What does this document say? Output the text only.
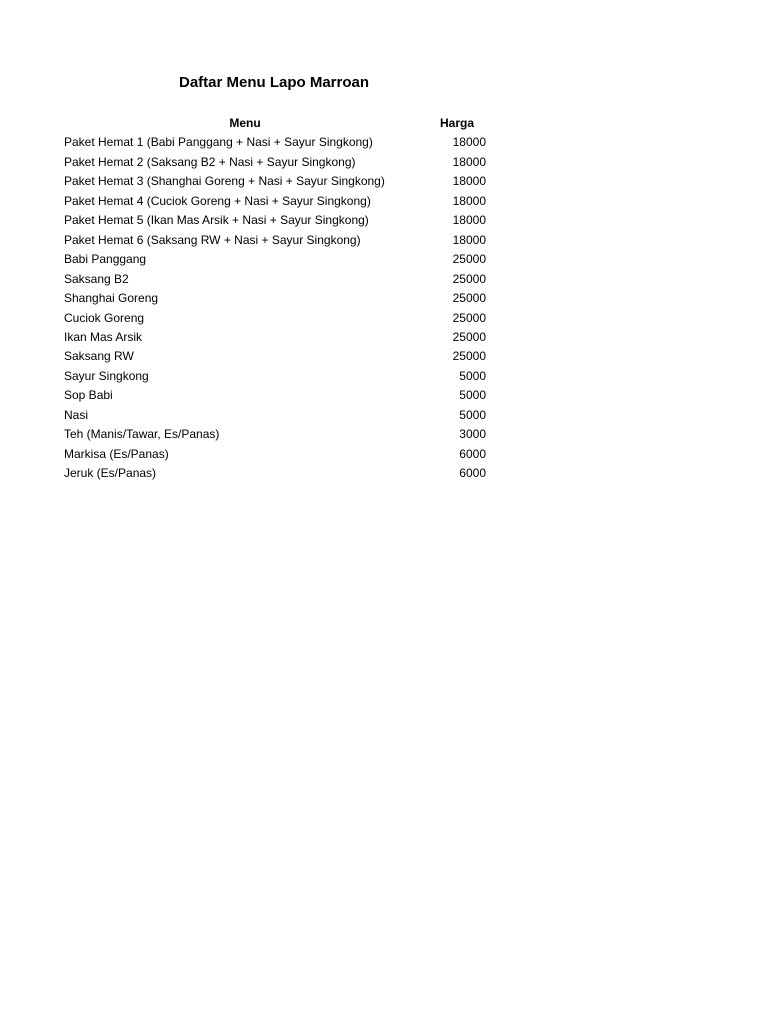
Daftar Menu Lapo Marroan
Menu	Harga
Paket Hemat 1 (Babi Panggang + Nasi + Sayur Singkong)	18000
Paket Hemat 2 (Saksang B2 + Nasi + Sayur Singkong)	18000
Paket Hemat 3 (Shanghai Goreng + Nasi + Sayur Singkong)	18000
Paket Hemat 4 (Cuciok Goreng + Nasi + Sayur Singkong)	18000
Paket Hemat 5 (Ikan Mas Arsik + Nasi + Sayur Singkong)	18000
Paket Hemat 6 (Saksang RW + Nasi + Sayur Singkong)	18000
Babi Panggang	25000
Saksang B2	25000
Shanghai Goreng	25000
Cuciok Goreng	25000
Ikan Mas Arsik	25000
Saksang RW	25000
Sayur Singkong	5000
Sop Babi	5000
Nasi	5000
Teh (Manis/Tawar, Es/Panas)	3000
Markisa (Es/Panas)	6000
Jeruk (Es/Panas)	6000
